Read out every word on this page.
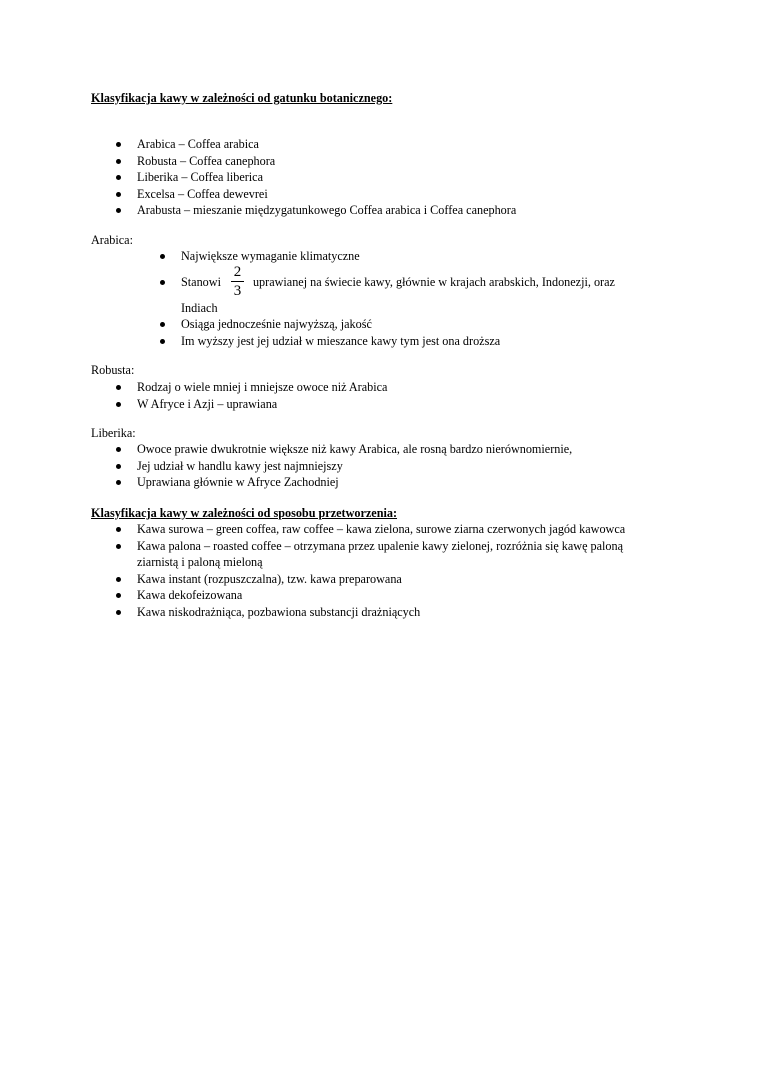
Klasyfikacja kawy w zależności od gatunku botanicznego:
Arabica – Coffea arabica
Robusta – Coffea canephora
Liberika – Coffea liberica
Excelsa – Coffea dewevrei
Arabusta – mieszanie międzygatunkowego Coffea arabica i Coffea canephora
Arabica:
Największe wymaganie klimatyczne
Stanowi $\frac{2}{3}$ uprawianej na świecie kawy, głównie w krajach arabskich, Indonezji, oraz
Indiach
Osiąga jednocześnie najwyższą, jakość
Im wyższy jest jej udział w mieszance kawy tym jest ona droższa
Robusta:
Rodzaj o wiele mniej i mniejsze owoce niż Arabica
W Afryce i Azji – uprawiana
Liberika:
Owoce prawie dwukrotnie większe niż kawy Arabica, ale rosną bardzo nierównomiernie,
Jej udział w handlu kawy jest najmniejszy
Uprawiana głównie w Afryce Zachodniej
Klasyfikacja kawy w zależności od sposobu przetworzenia:
Kawa surowa – green coffea, raw coffee – kawa zielona, surowe ziarna czerwonych jagód kawowca
Kawa palona – roasted coffee – otrzymana przez upalenie kawy zielonej, rozróżnia się kawę paloną ziarnistą i paloną mieloną
Kawa instant (rozpuszczalna), tzw. kawa preparowana
Kawa dekofeizowana
Kawa niskodrażniąca, pozbawiona substancji drażniących
